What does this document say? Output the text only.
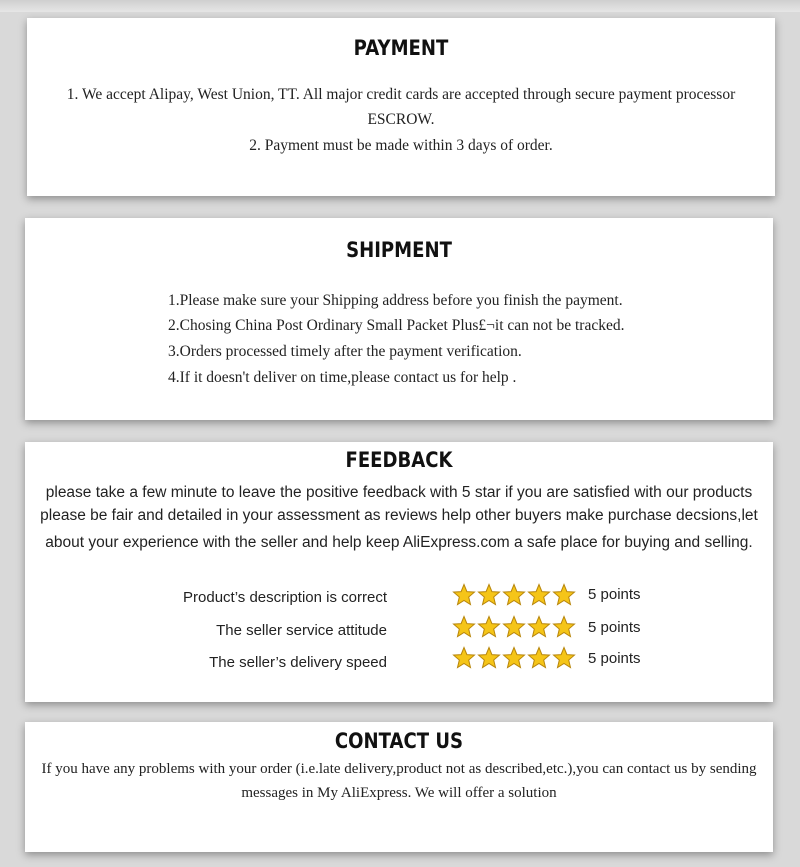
PAYMENT
1. We accept Alipay, West Union, TT. All major credit cards are accepted through secure payment processor
ESCROW.
2. Payment must be made within 3 days of order.
SHIPMENT
1.Please make sure your Shipping address before you finish the payment.
2.Chosing China Post Ordinary Small Packet Plus£¬it can not be tracked.
3.Orders processed timely after the payment verification.
4.If it doesn't deliver on time,please contact us for help .
FEEDBACK
please take a few minute to leave the positive feedback with 5 star if you are satisfied with our products
please be fair and detailed in your assessment as reviews help other buyers make purchase decsions,let
about your experience with the seller and help keep AliExpress.com a safe place for buying and selling.
Product’s description is correct	5 points
The seller service attitude	5 points
The seller’s delivery speed	5 points
CONTACT US
If you have any problems with your order (i.e.late delivery,product not as described,etc.),you can contact us by sending
messages in My AliExpress. We will offer a solution
